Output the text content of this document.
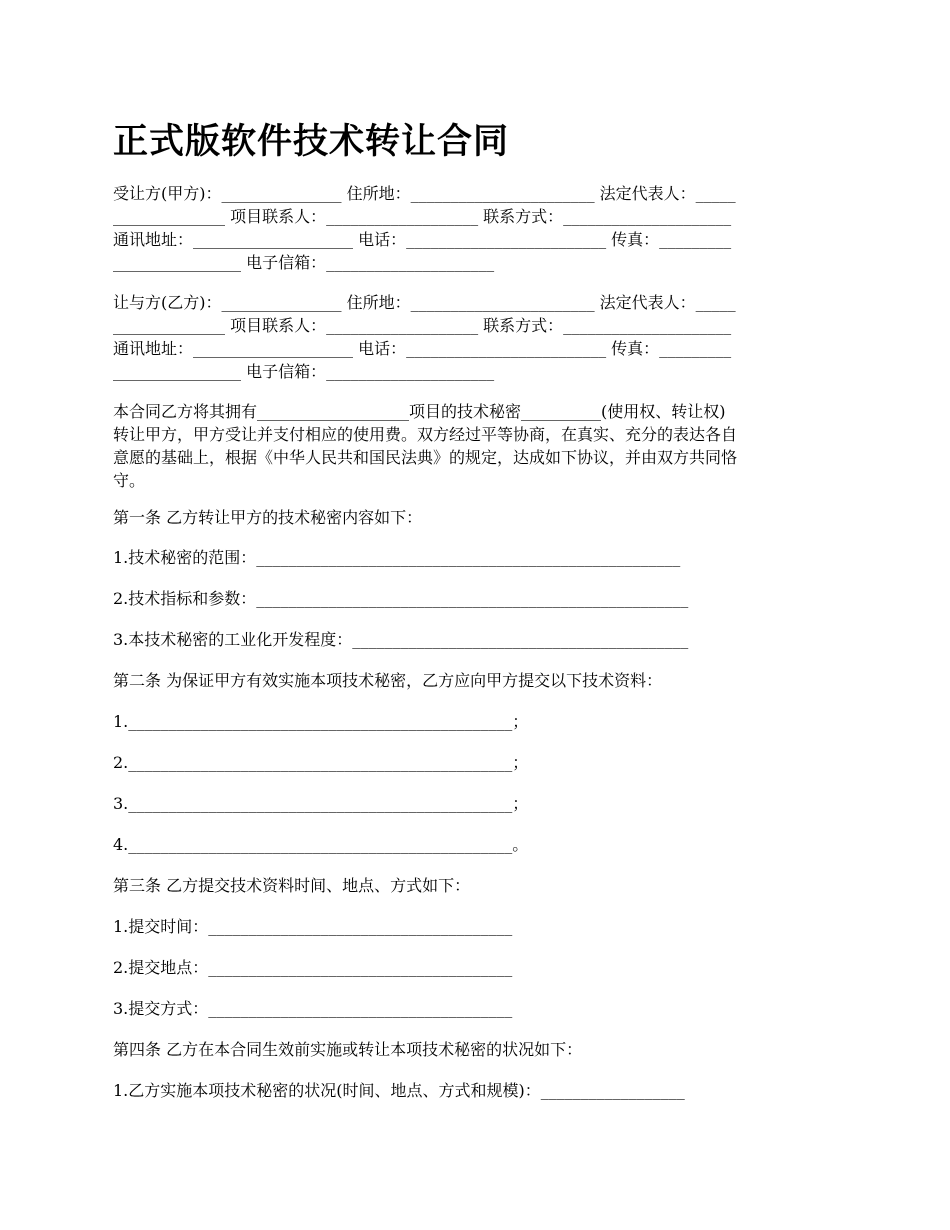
正式版软件技术转让合同

受让方(甲方)：_______________ 住所地：_______________________ 法定代表人：_____

______________ 项目联系人：___________________ 联系方式：_____________________

通讯地址：____________________ 电话：_________________________ 传真：_________

________________ 电子信箱：_____________________

让与方(乙方)：_______________ 住所地：_______________________ 法定代表人：_____

______________ 项目联系人：___________________ 联系方式：_____________________

通讯地址：____________________ 电话：_________________________ 传真：_________

________________ 电子信箱：_____________________

本合同乙方将其拥有___________________项目的技术秘密__________(使用权、转让权)

转让甲方，甲方受让并支付相应的使用费。双方经过平等协商，在真实、充分的表达各自

意愿的基础上，根据《中华人民共和国民法典》的规定，达成如下协议，并由双方共同恪

守。

第一条 乙方转让甲方的技术秘密内容如下：

1.技术秘密的范围：_____________________________________________________

2.技术指标和参数：______________________________________________________

3.本技术秘密的工业化开发程度：__________________________________________

第二条 为保证甲方有效实施本项技术秘密，乙方应向甲方提交以下技术资料：

1.________________________________________________；

2.________________________________________________；

3.________________________________________________；

4.________________________________________________。

第三条 乙方提交技术资料时间、地点、方式如下：

1.提交时间：______________________________________

2.提交地点：______________________________________

3.提交方式：______________________________________

第四条 乙方在本合同生效前实施或转让本项技术秘密的状况如下：

1.乙方实施本项技术秘密的状况(时间、地点、方式和规模)：__________________
